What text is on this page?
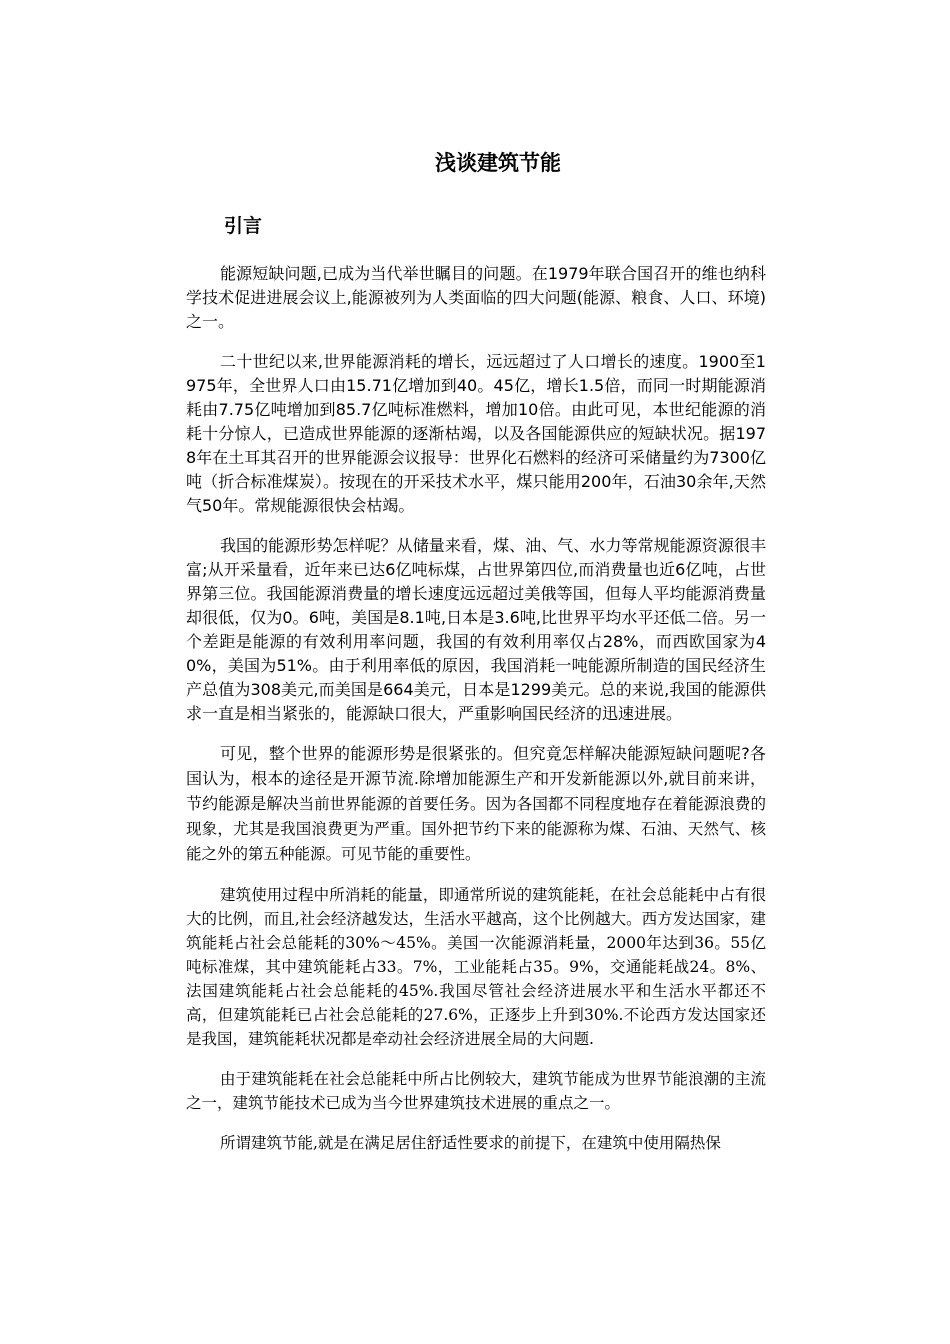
浅谈建筑节能
引言

能源短缺问题,已成为当代举世瞩目的问题。在1979年联合国召开的维也纳科学技术促进进展会议上,能源被列为人类面临的四大问题(能源、粮食、人口、环境)之一。

二十世纪以来,世界能源消耗的增长，远远超过了人口增长的速度。1900至1975年，全世界人口由15.71亿增加到40。45亿，增长1.5倍，而同一时期能源消耗由7.75亿吨增加到85.7亿吨标准燃料，增加10倍。由此可见，本世纪能源的消耗十分惊人，已造成世界能源的逐渐枯竭，以及各国能源供应的短缺状况。据1978年在土耳其召开的世界能源会议报导：世界化石燃料的经济可采储量约为7300亿吨（折合标准煤炭）。按现在的开采技术水平，煤只能用200年，石油30余年,天然气50年。常规能源很快会枯竭。

我国的能源形势怎样呢？从储量来看，煤、油、气、水力等常规能源资源很丰富;从开采量看，近年来已达6亿吨标煤，占世界第四位,而消费量也近6亿吨，占世界第三位。我国能源消费量的增长速度远远超过美俄等国，但每人平均能源消费量却很低，仅为0。6吨，美国是8.1吨,日本是3.6吨,比世界平均水平还低二倍。另一个差距是能源的有效利用率问题，我国的有效利用率仅占28%，而西欧国家为40%，美国为51%。由于利用率低的原因，我国消耗一吨能源所制造的国民经济生产总值为308美元,而美国是664美元，日本是1299美元。总的来说,我国的能源供求一直是相当紧张的，能源缺口很大，严重影响国民经济的迅速进展。

可见，整个世界的能源形势是很紧张的。但究竟怎样解决能源短缺问题呢?各国认为，根本的途径是开源节流.除增加能源生产和开发新能源以外,就目前来讲，节约能源是解决当前世界能源的首要任务。因为各国都不同程度地存在着能源浪费的现象，尤其是我国浪费更为严重。国外把节约下来的能源称为煤、石油、天然气、核能之外的第五种能源。可见节能的重要性。

建筑使用过程中所消耗的能量，即通常所说的建筑能耗，在社会总能耗中占有很大的比例，而且,社会经济越发达，生活水平越高，这个比例越大。西方发达国家，建筑能耗占社会总能耗的30%～45%。美国一次能源消耗量，2000年达到36。55亿吨标准煤，其中建筑能耗占33。7%，工业能耗占35。9%，交通能耗战24。8%、法国建筑能耗占社会总能耗的45%.我国尽管社会经济进展水平和生活水平都还不高，但建筑能耗已占社会总能耗的27.6%，正逐步上升到30%.不论西方发达国家还是我国，建筑能耗状况都是牵动社会经济进展全局的大问题.

由于建筑能耗在社会总能耗中所占比例较大，建筑节能成为世界节能浪潮的主流之一，建筑节能技术已成为当今世界建筑技术进展的重点之一。

所谓建筑节能,就是在满足居住舒适性要求的前提下，在建筑中使用隔热保
